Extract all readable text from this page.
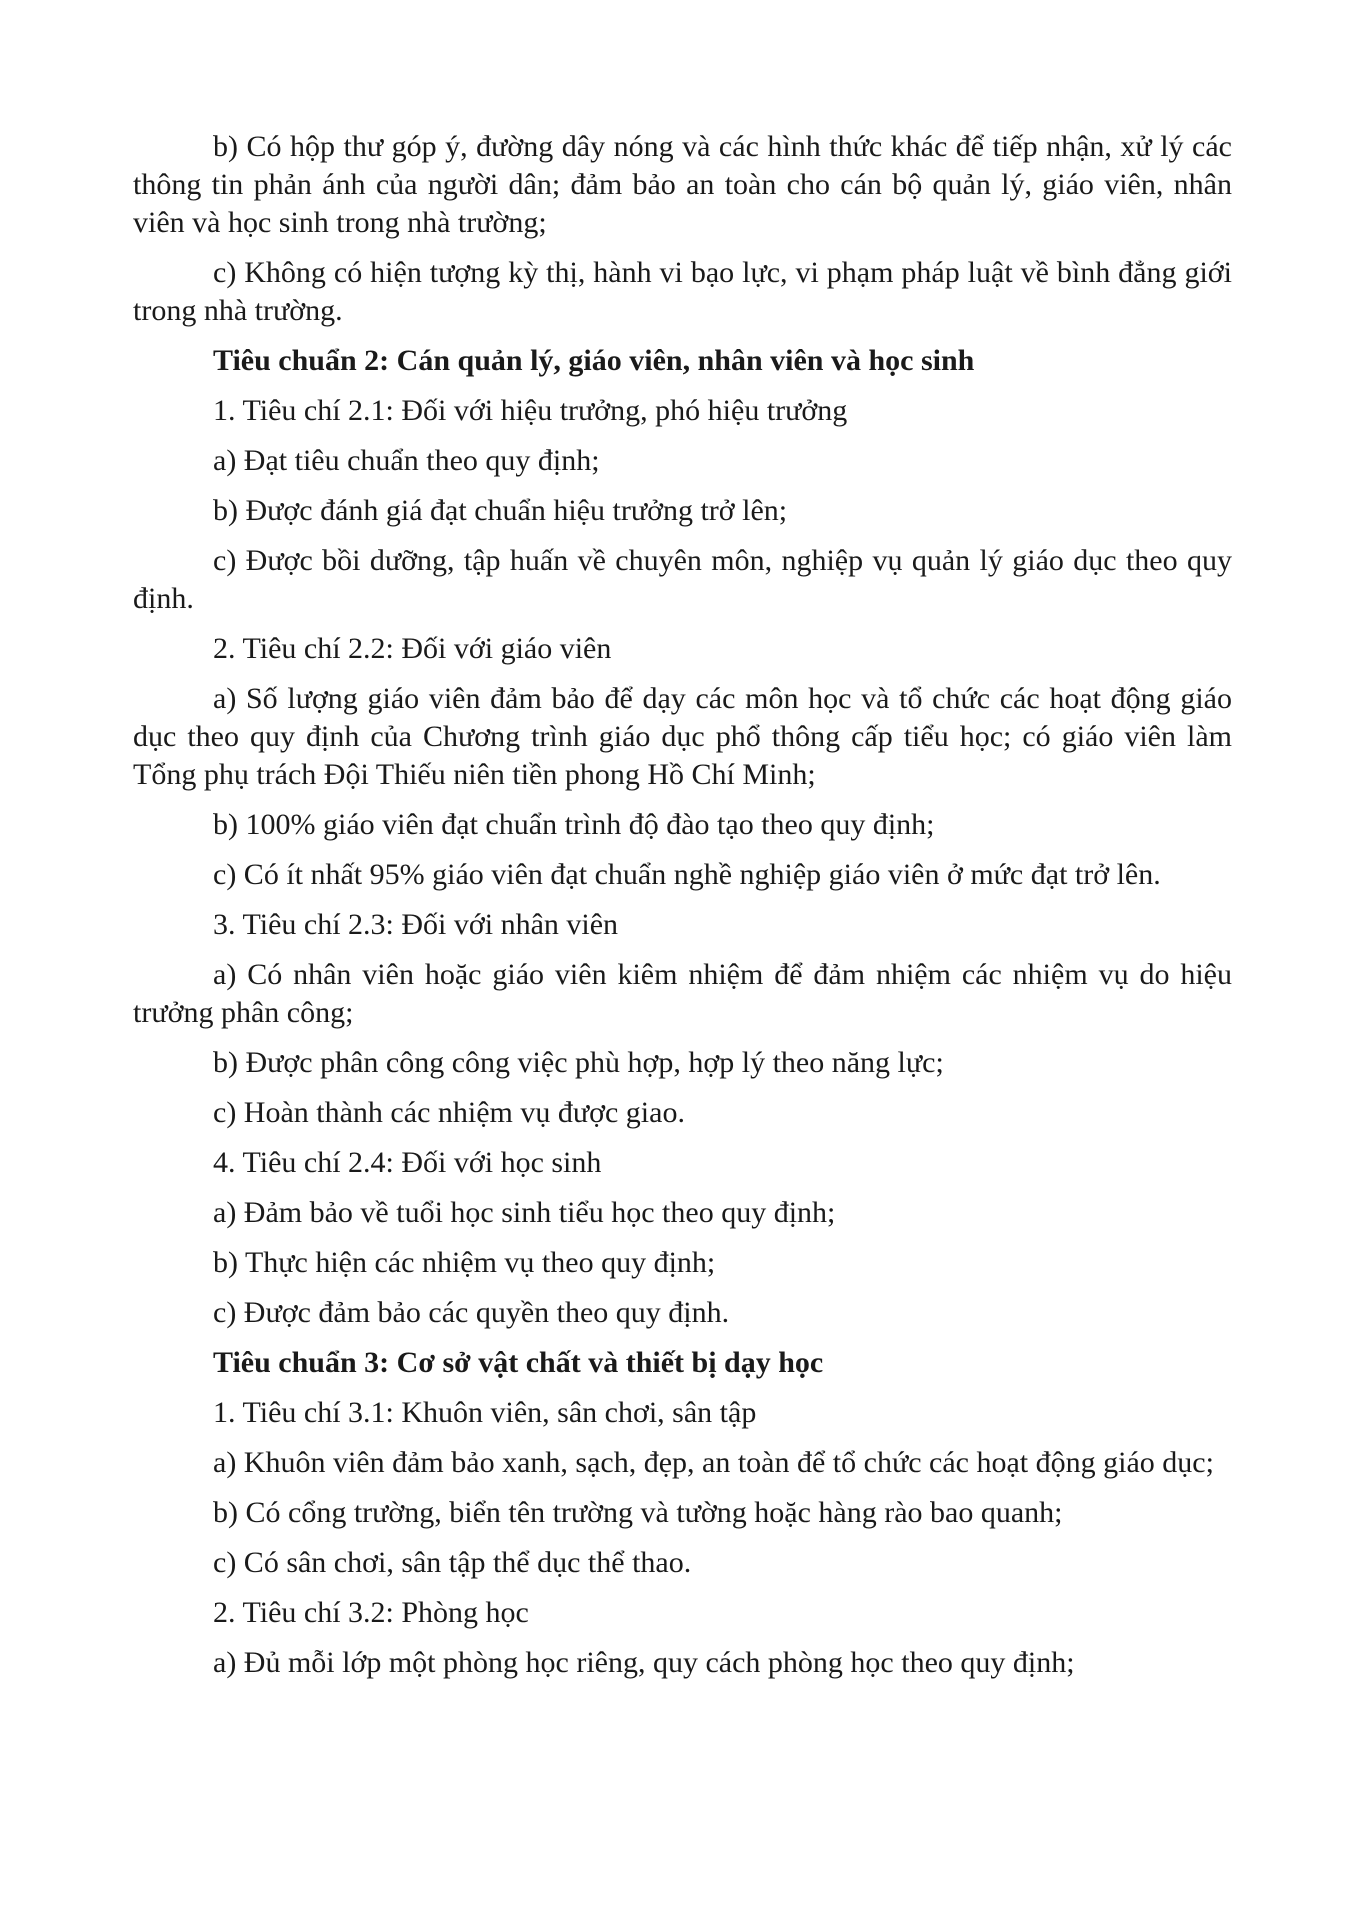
b) Có hộp thư góp ý, đường dây nóng và các hình thức khác để tiếp nhận, xử lý các thông tin phản ánh của người dân; đảm bảo an toàn cho cán bộ quản lý, giáo viên, nhân viên và học sinh trong nhà trường;

c) Không có hiện tượng kỳ thị, hành vi bạo lực, vi phạm pháp luật về bình đẳng giới trong nhà trường.

Tiêu chuẩn 2: Cán quản lý, giáo viên, nhân viên và học sinh

1. Tiêu chí 2.1: Đối với hiệu trưởng, phó hiệu trưởng

a) Đạt tiêu chuẩn theo quy định;

b) Được đánh giá đạt chuẩn hiệu trưởng trở lên;

c) Được bồi dưỡng, tập huấn về chuyên môn, nghiệp vụ quản lý giáo dục theo quy định.

2. Tiêu chí 2.2: Đối với giáo viên

a) Số lượng giáo viên đảm bảo để dạy các môn học và tổ chức các hoạt động giáo dục theo quy định của Chương trình giáo dục phổ thông cấp tiểu học; có giáo viên làm Tổng phụ trách Đội Thiếu niên tiền phong Hồ Chí Minh;

b) 100% giáo viên đạt chuẩn trình độ đào tạo theo quy định;

c) Có ít nhất 95% giáo viên đạt chuẩn nghề nghiệp giáo viên ở mức đạt trở lên.

3. Tiêu chí 2.3: Đối với nhân viên

a) Có nhân viên hoặc giáo viên kiêm nhiệm để đảm nhiệm các nhiệm vụ do hiệu trưởng phân công;

b) Được phân công công việc phù hợp, hợp lý theo năng lực;

c) Hoàn thành các nhiệm vụ được giao.

4. Tiêu chí 2.4: Đối với học sinh

a) Đảm bảo về tuổi học sinh tiểu học theo quy định;

b) Thực hiện các nhiệm vụ theo quy định;

c) Được đảm bảo các quyền theo quy định.

Tiêu chuẩn 3: Cơ sở vật chất và thiết bị dạy học

1. Tiêu chí 3.1: Khuôn viên, sân chơi, sân tập

a) Khuôn viên đảm bảo xanh, sạch, đẹp, an toàn để tổ chức các hoạt động giáo dục;

b) Có cổng trường, biển tên trường và tường hoặc hàng rào bao quanh;

c) Có sân chơi, sân tập thể dục thể thao.

2. Tiêu chí 3.2: Phòng học

a) Đủ mỗi lớp một phòng học riêng, quy cách phòng học theo quy định;
